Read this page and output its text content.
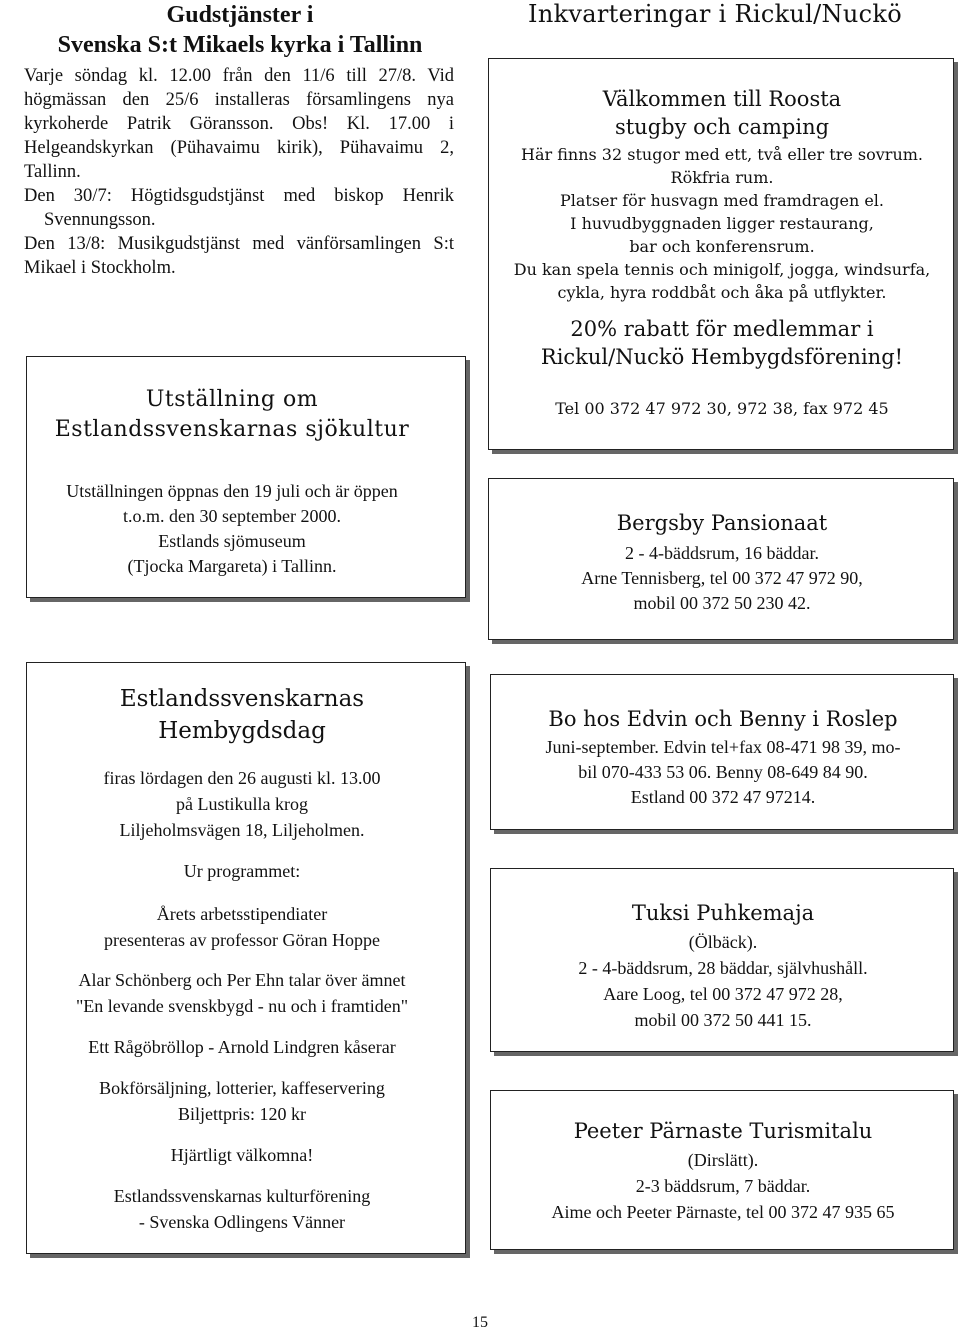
Gudstjänster i
Svenska S:t Mikaels kyrka i Tallinn

Varje söndag kl. 12.00 från den 11/6 till 27/8. Vid högmässan den 25/6 installeras församlingens nya kyrkoherde Patrik Göransson. Obs! Kl. 17.00 i Helgeandskyrkan (Pühavaimu kirik), Pühavaimu 2, Tallinn.

Den 30/7: Högtidsgudstjänst med biskop Henrik Svennungsson.

Den 13/8: Musikgudstjänst med vänförsamlingen S:t Mikael i Stockholm.

Utställning om
Estlandssvenskarnas sjökultur
Utställningen öppnas den 19 juli och är öppen
t.o.m. den 30 september 2000.
Estlands sjömuseum
(Tjocka Margareta) i Tallinn.
Inkvarteringar i Rickul/Nuckö
Välkommen till Roosta
stugby och camping
Här finns 32 stugor med ett, två eller tre sovrum.
Rökfria rum.
Platser för husvagn med framdragen el.
I huvudbyggnaden ligger restaurang,
bar och konferensrum.
Du kan spela tennis och minigolf, jogga, windsurfa,
cykla, hyra roddbåt och åka på utflykter.
20% rabatt för medlemmar i
Rickul/Nuckö Hembygdsförening!
Tel 00 372 47 972 30, 972 38, fax 972 45
Bergsby Pansionaat
2 - 4-bäddsrum, 16 bäddar.
Arne Tennisberg, tel 00 372 47 972 90,
mobil 00 372 50 230 42.
Estlandssvenskarnas
Hembygdsdag
firas lördagen den 26 augusti kl. 13.00
på Lustikulla krog
Liljeholmsvägen 18, Liljeholmen.
Ur programmet:
Årets arbetsstipendiater
presenteras av professor Göran Hoppe
Alar Schönberg och Per Ehn talar över ämnet
"En levande svenskbygd - nu och i framtiden"
Ett Rågöbröllop - Arnold Lindgren kåserar
Bokförsäljning, lotterier, kaffeservering
Biljettpris: 120 kr
Hjärtligt välkomna!
Estlandssvenskarnas kulturförening
- Svenska Odlingens Vänner
Bo hos Edvin och Benny i Roslep
Juni-september. Edvin tel+fax 08-471 98 39, mo-
bil 070-433 53 06. Benny 08-649 84 90.
Estland 00 372 47 97214.
Tuksi Puhkemaja
(Ölbäck).
2 - 4-bäddsrum, 28 bäddar, självhushåll.
Aare Loog, tel 00 372 47 972 28,
mobil 00 372 50 441 15.
Peeter Pärnaste Turismitalu
(Dirslätt).
2-3 bäddsrum, 7 bäddar.
Aime och Peeter Pärnaste, tel 00 372 47 935 65
15
